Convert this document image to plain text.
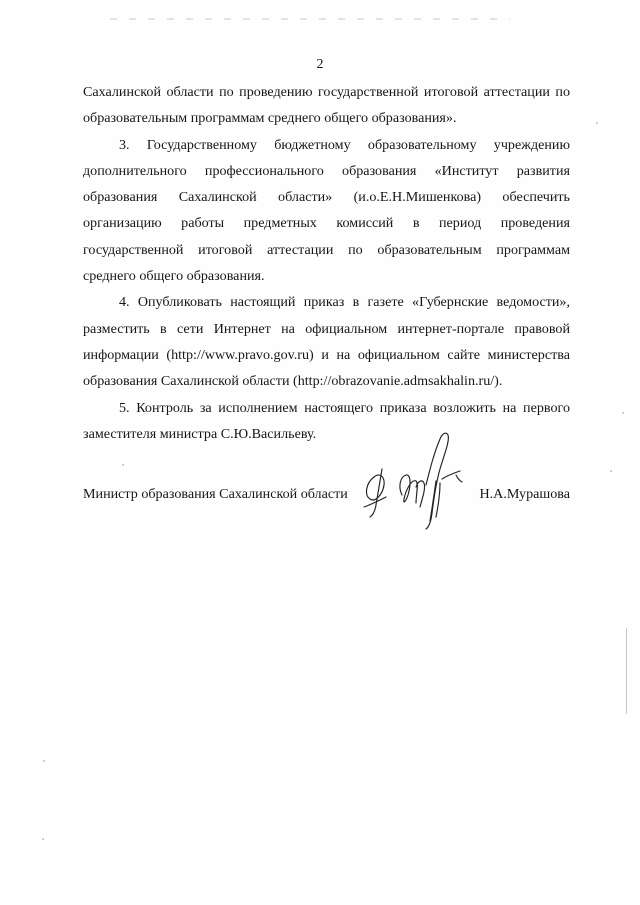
2

Сахалинской области по проведению государственной итоговой аттестации по образовательным программам среднего общего образования».

3. Государственному бюджетному образовательному учреждению дополнительного профессионального образования «Институт развития образования Сахалинской области» (и.о.Е.Н.Мишенкова) обеспечить организацию работы предметных комиссий в период проведения государственной итоговой аттестации по образовательным программам среднего общего образования.

4. Опубликовать настоящий приказ в газете «Губернские ведомости», разместить в сети Интернет на официальном интернет-портале правовой информации (http://www.pravo.gov.ru) и на официальном сайте министерства образования Сахалинской области (http://obrazovanie.admsakhalin.ru/).

5. Контроль за исполнением настоящего приказа возложить на первого заместителя министра С.Ю.Васильеву.

Министр образования Сахалинской области	Н.А.Мурашова
